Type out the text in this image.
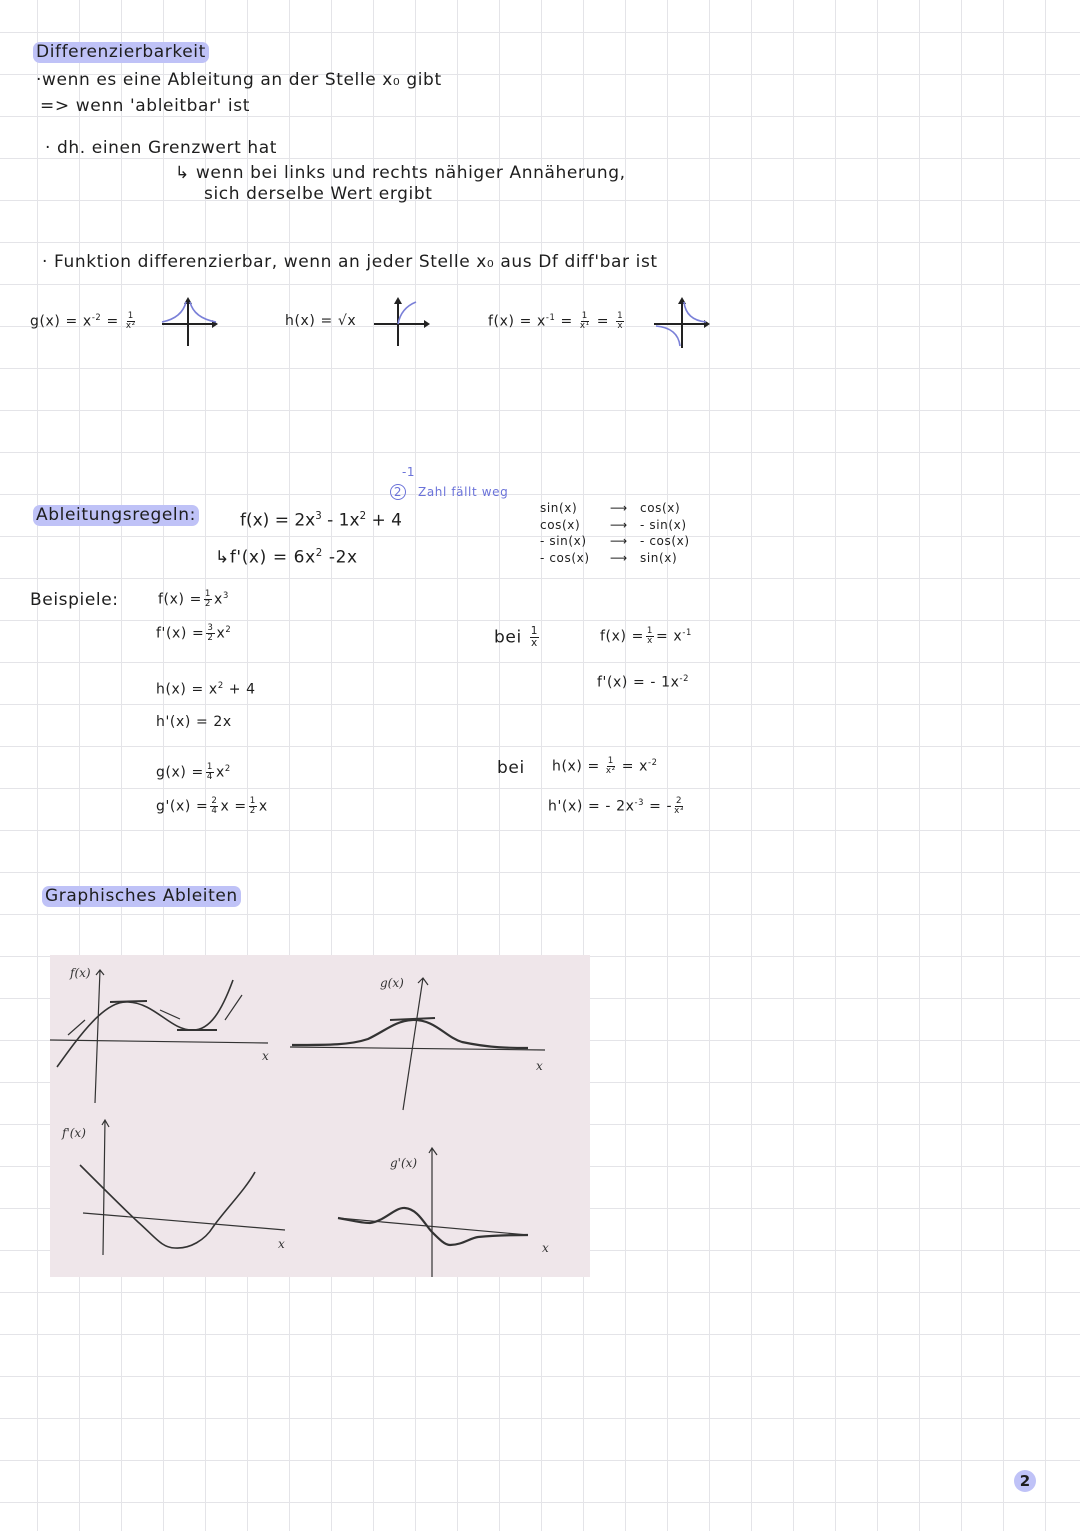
Differenzierbarkeit
·wenn es eine Ableitung an der Stelle x₀ gibt
=> wenn 'ableitbar' ist
· dh. einen Grenzwert hat
↳ wenn bei links und rechts nähiger Annäherung,
sich derselbe Wert ergibt
· Funktion differenzierbar, wenn an jeder Stelle x₀ aus Df diff'bar ist
$g(x) = x^{-2} = \frac{1}{\text{x²}}$	h(x) = √x	$f(x) = x^{-1} = \frac{1}{\text{x¹}} = \frac{1}{x}$
Ableitungsregeln:	$f(x) = 2x^3 - 1x^2 + 4$
-1
2	Zahl fällt weg
↳f'(x) = $6x^2$ -2x
sin(x)	⟶ cos(x)
cos(x) ⟶ - sin(x)
- sin(x) ⟶ - cos(x)
- cos(x) ⟶ sin(x)
Beispiele:	$f(x) = \frac{1}{2} x^3$
$f'(x) = \frac{3}{2} x^2$
$h(x) = x^2 + 4$
h'(x) = 2x
$g(x) = \frac{1}{4} x^2$
$g'(x) = \frac{2}{4}$ $x = \frac{1}{2}$ x
bei $\frac{1}{x}$	$f(x) = \frac{1}{x} = x^{-1}$
f'(x) = - $1x^{-2}$
bei $h(x) = \frac{1}{\text{x²}} = x^{-2}$
h'(x) = - $2x^{-3}$ = - $\frac{2}{\text{x³}}$
Graphisches Ableiten
f(x)
x
g(x)
x
f'(x)
x
g'(x)
x
2
